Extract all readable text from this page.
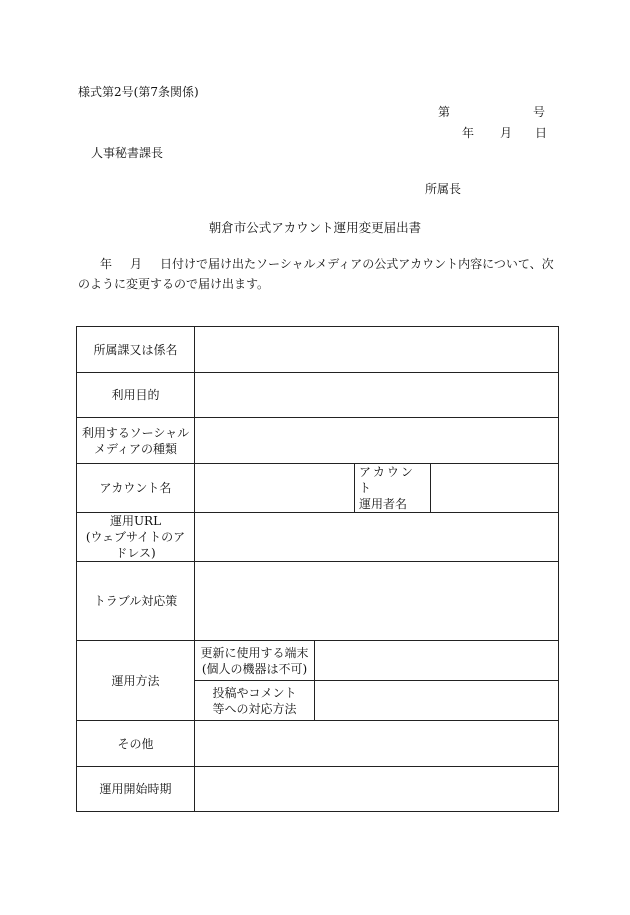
様式第2号(第7条関係)
第	号
年 月 日
人事秘書課長
所属長
朝倉市公式アカウント運用変更届出書
年 月 日付けで届け出たソーシャルメディアの公式アカウント内容について、次のように変更するので届け出ます。
所属課又は係名				
利用目的				

利用するソーシャル
メディアの種類				

アカウント名			アカウント
運用者名	

運用URL
(ウェブサイトのア
ドレス)				

トラブル対応策				
運用方法	更新に使用する端末
(個人の機器は不可)			

	投稿やコメント
等への対応方法			

その他				
運用開始時期				
